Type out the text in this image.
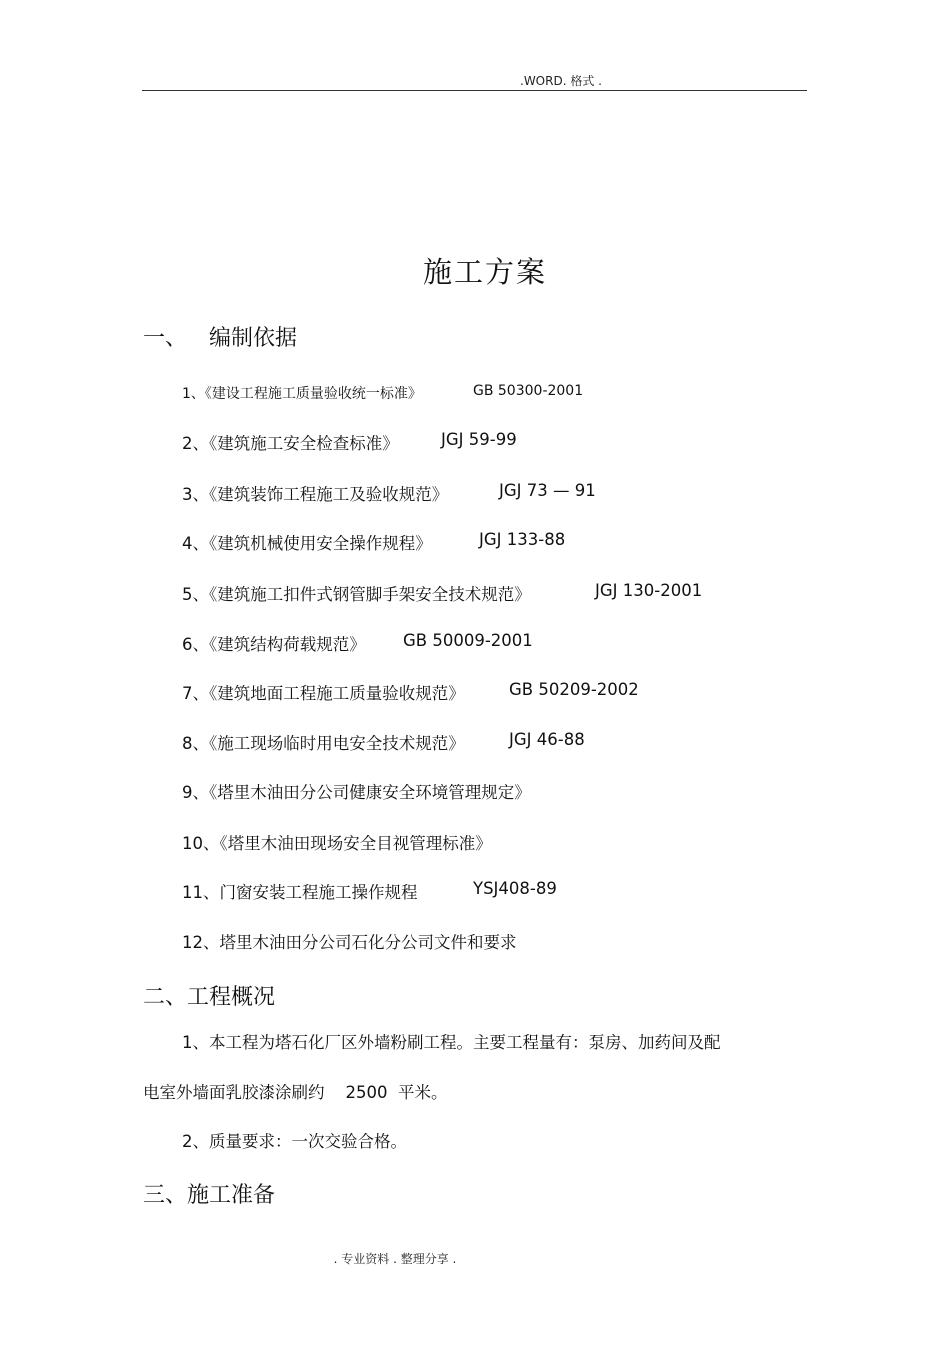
.WORD. 格式 .
施工方案
一、 编制依据
1、《建设工程施工质量验收统一标准》	GB 50300-2001
2、《建筑施工安全检查标准》	JGJ 59-99
3、《建筑装饰工程施工及验收规范》	JGJ 73 — 91
4、《建筑机械使用安全操作规程》	JGJ 133-88
5、《建筑施工扣件式钢管脚手架安全技术规范》	JGJ 130-2001
6、《建筑结构荷载规范》 GB 50009-2001
7、《建筑地面工程施工质量验收规范》	GB 50209-2002
8、《施工现场临时用电安全技术规范》	JGJ 46-88
9、《塔里木油田分公司健康安全环境管理规定》
10、《塔里木油田现场安全目视管理标准》
11、门窗安装工程施工操作规程	YSJ408-89
12、塔里木油田分公司石化分公司文件和要求
二、工程概况
1、本工程为塔石化厂区外墙粉刷工程。主要工程量有：泵房、加药间及配
电室外墙面乳胶漆涂刷约    2500  平米。
2、质量要求：一次交验合格。
三、施工准备
. 专业资料 . 整理分享 .
